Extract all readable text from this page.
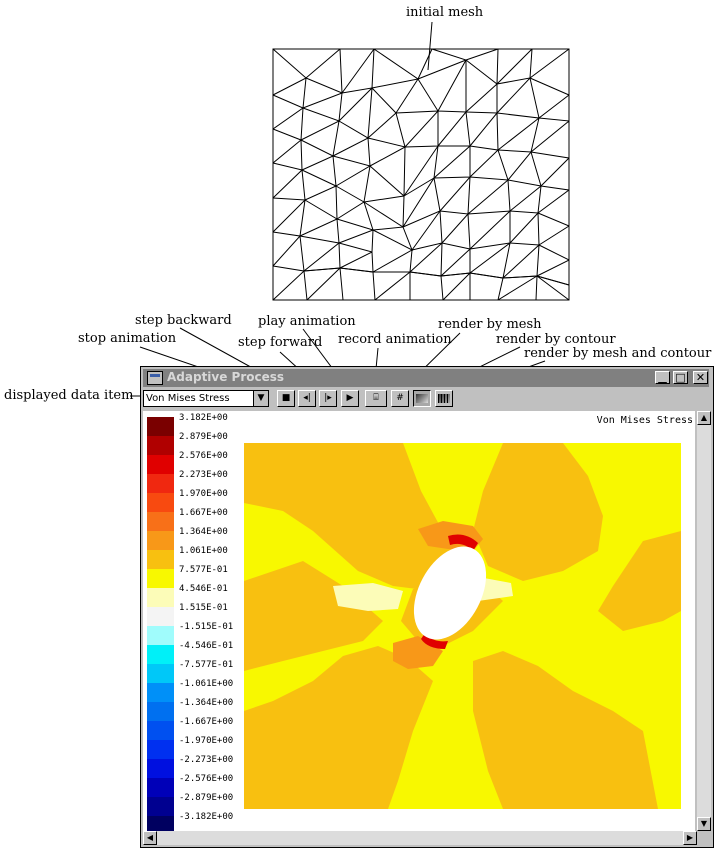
initial mesh
step backward play animation	render by mesh
stop animation	record animation	render by contour
step forward
render by mesh and contour
displayed data item
Adaptive Process	▁ □ ✕
Von Mises Stress	▼	■	◂|	|▸	▶	⌸	#
Von Mises Stress
3.182E+00
2.879E+00
2.576E+00
2.273E+00
1.970E+00
1.667E+00
1.364E+00
1.061E+00
7.577E-01
4.546E-01
1.515E-01
-1.515E-01
-4.546E-01
-7.577E-01
-1.061E+00
-1.364E+00
-1.667E+00
-1.970E+00
-2.273E+00
-2.576E+00
-2.879E+00
-3.182E+00
▲
▼
◀	▶
